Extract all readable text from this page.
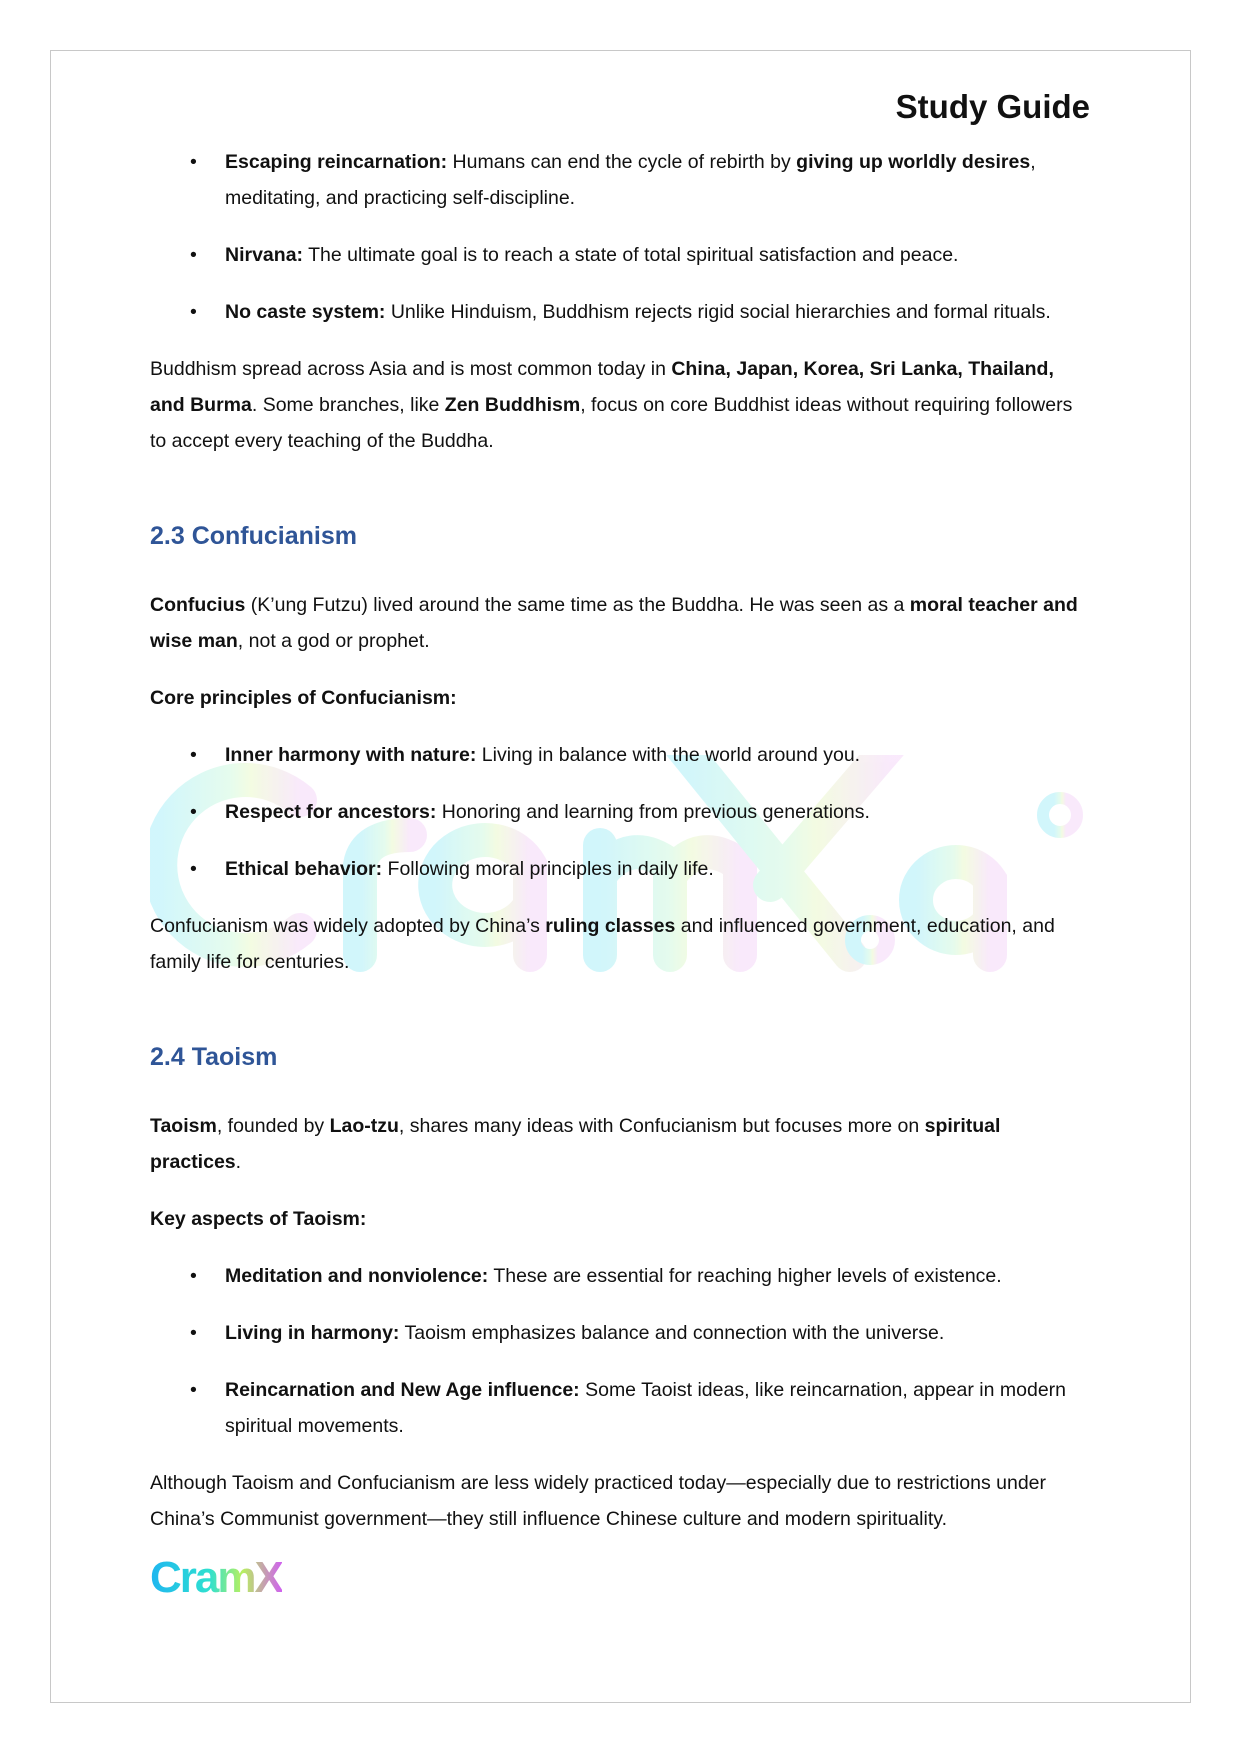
Study Guide
•	Escaping reincarnation: Humans can end the cycle of rebirth by giving up worldly desires, meditating, and practicing self-discipline.
•	Nirvana: The ultimate goal is to reach a state of total spiritual satisfaction and peace.
•	No caste system: Unlike Hinduism, Buddhism rejects rigid social hierarchies and formal rituals.
Buddhism spread across Asia and is most common today in China, Japan, Korea, Sri Lanka, Thailand, and Burma. Some branches, like Zen Buddhism, focus on core Buddhist ideas without requiring followers to accept every teaching of the Buddha.
2.3 Confucianism
Confucius (K’ung Futzu) lived around the same time as the Buddha. He was seen as a moral teacher and wise man, not a god or prophet.
Core principles of Confucianism:
•	Inner harmony with nature: Living in balance with the world around you.
•	Respect for ancestors: Honoring and learning from previous generations.
•	Ethical behavior: Following moral principles in daily life.
Confucianism was widely adopted by China’s ruling classes and influenced government, education, and family life for centuries.
2.4 Taoism
Taoism, founded by Lao-tzu, shares many ideas with Confucianism but focuses more on spiritual practices.
Key aspects of Taoism:
•	Meditation and nonviolence: These are essential for reaching higher levels of existence.
•	Living in harmony: Taoism emphasizes balance and connection with the universe.
•	Reincarnation and New Age influence: Some Taoist ideas, like reincarnation, appear in modern spiritual movements.
Although Taoism and Confucianism are less widely practiced today—especially due to restrictions under China’s Communist government—they still influence Chinese culture and modern spirituality.
CramX
